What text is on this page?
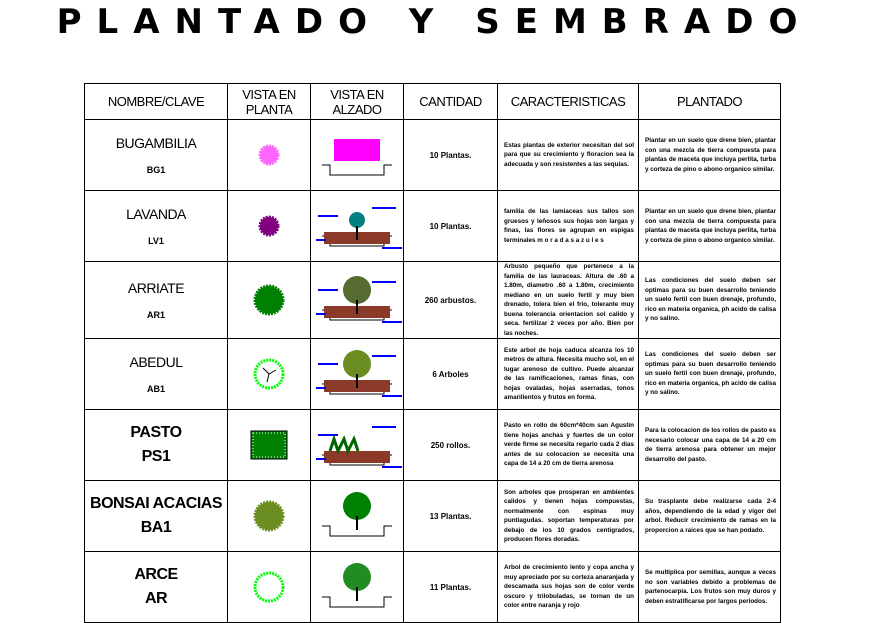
PLANTADO Y SEMBRADO
NOMBRE/CLAVE	VISTA EN PLANTA	VISTA EN ALZADO	CANTIDAD	CARACTERISTICAS	PLANTADO

BUGAMBILIA
BG1			10 Plantas.	Estas plantas de exterior necesitan del sol para que su crecimiento y floracion sea la adecuada y son resistentes a las sequias.	Plantar en un suelo que drene bien, plantar con una mezcla de tierra compuesta para plantas de maceta que incluya perlita, turba y corteza de pino o abono organico similar.

LAVANDA
LV1			10 Plantas.	familia de las lamiaceas sus tallos son gruesos y leñosos sus hojas son largas y finas, las flores se agrupan en espigas terminales m o r a d a s a z u l e s	Plantar en un suelo que drene bien, plantar con una mezcla de tierra compuesta para plantas de maceta que incluya perlita, turba y corteza de pino o abono organico similar.

ARRIATE
AR1			260 arbustos.	Arbusto pequeño que pertenece a la familia de las lauraceas. Altura de .60 a 1.80m, diametro .60 a 1.80m, crecimiento mediano en un suelo fertil y muy bien drenado, tolera bien el frio, tolerante muy buena tolerancia orientacion sol calido y seca. fertilizar 2 veces por año. Bien por las noches.	Las condiciones del suelo deben ser optimas para su buen desarrollo teniendo un suelo fertil con buen drenaje, profundo, rico en materia organica, ph acido de calisa y no salino.

ABEDUL
AB1			6 Arboles	Este arbol de hoja caduca alcanza los 10 metros de altura. Necesita mucho sol, en el lugar arenoso de cultivo. Puede alcanzar de las ramificaciones, ramas finas, con hojas ovaladas, hojas aserradas, tonos amarillentos y frutos en forma.	Las condiciones del suelo deben ser optimas para su buen desarrollo teniendo un suelo fertil con buen drenaje, profundo, rico en materia organica, ph acido de calisa y no salino.

PASTO
PS1			250 rollos.	Pasto en rollo de 60cm*40cm san Agustin tiene hojas anchas y fuertes de un color verde firme se necesita regarlo cada 2 dias antes de su colocacion se necesita una capa de 14 a 20 cm de tierra arenosa	Para la colocacion de los rollos de pasto es necesario colocar una capa de 14 a 20 cm de tierra arenosa para obtener un mejor desarrollo del pasto.

BONSAI ACACIAS
BA1			13 Plantas.	Son arboles que prosperan en ambientes calidos y tienen hojas compuestas, normalmente con espinas muy puntiagudas. soportan temperaturas por debajo de los 10 grados centigrados, producen flores doradas.	Su trasplante debe realizarse cada 2-4 años, dependiendo de la edad y vigor del arbol. Reducir crecimiento de ramas en la proporcion a raices que se han podado.

ARCE
AR			11 Plantas.	Arbol de crecimiento lento y copa ancha y muy apreciado por su corteza anaranjada y descamada sus hojas son de color verde oscuro y trilobuladas, se tornan de un color entre naranja y rojo	Se multiplica por semillas, aunque a veces no son variables debido a problemas de partenocarpia. Los frutos son muy duros y deben estratificarse por largos periodos.
